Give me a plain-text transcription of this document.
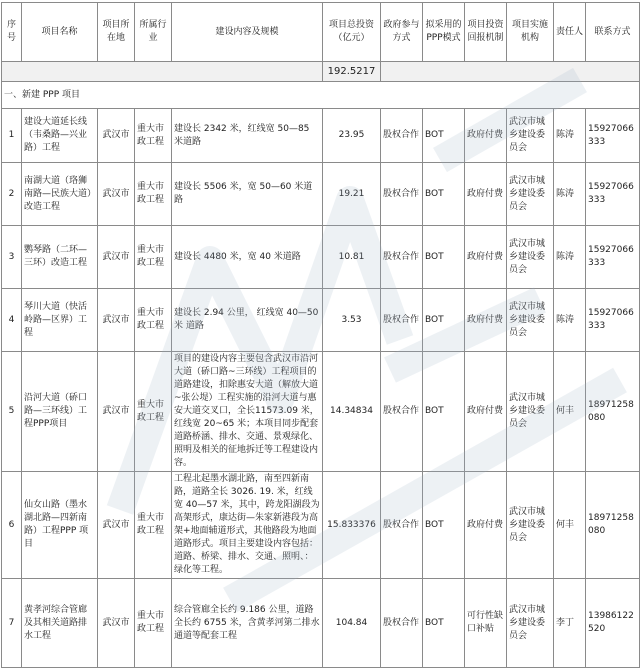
序号	项目名称	项目所在地	所属行业	建设内容及规模	项目总投资（亿元）	政府参与方式	拟采用的PPP模式	项目投资回报机制	项目实施机构	责任人	联系方式
					192.5217						
一、新建 PPP 项目											
1	建设大道延长线（韦桑路—兴业路）工程	武汉市	重大市政工程	建设长 2342 米，红线宽 50—85 米道路	23.95	股权合作	BOT	政府付费	武汉市城乡建设委员会	陈涛	15927066333
2	南湖大道（珞狮南路—民族大道）改造工程	武汉市	重大市政工程	建设长 5506 米，宽 50—60 米道路	19.21	股权合作	BOT	政府付费	武汉市城乡建设委员会	陈涛	15927066333
3	鹦琴路（二环—三环）改造工程	武汉市	重大市政工程	建设长 4480 米，宽 40 米道路	10.81	股权合作	BOT	政府付费	武汉市城乡建设委员会	陈涛	15927066333
4	琴川大道（快活岭路—区界）工程	武汉市	重大市政工程	建设长 2.94 公里， 红线宽 40—50 米 道路	3.53	股权合作	BOT	政府付费	武汉市城乡建设委员会	陈涛	15927066333
5	沿河大道（硚口路—三环线）工程PPP项目	武汉市	重大市政工程	项目的建设内容主要包含武汉市沿河大道（硚口路~三环线）工程项目的道路建设，扣除惠安大道（解放大道~张公堤）工程实施的沿河大道与惠安大道交叉口，全长11573.09 米，红线宽 20~65 米；本项目同步配套道路桥涵、排水、交通、景观绿化、照明及相关的征地拆迁等工程建设内容。	14.34834	股权合作	BOT	政府付费	武汉市城乡建设委员会	何丰	18971258080
6	仙女山路（墨水湖北路—四新南路）工程PPP 项目	武汉市	重大市政工程	工程北起墨水湖北路，南至四新南路，道路全长 3026. 19. 米，红线宽 40—57 米，其中，跨龙阳湖段为高架形式，康达街—朱家新港段为高架+地面辅道形式，其他路段为地面道路形式。项目主要建设内容包括：道路、桥梁、排水、交通、照明、：绿化等工程。	15.833376	股权合作	BOT	政府付费	武汉市城乡建设委员会	何丰	18971258080
7	黄孝河综合管廊及其相关道路排水工程	武汉市	重大市政工程	综合管廊全长约 9.186 公里，道路全长约 6755 米，含黄孝河第二排水通道等配套工程	104.84	股权合作	BOT	可行性缺口补贴	武汉市城乡建设委员会	李丁	13986122520
